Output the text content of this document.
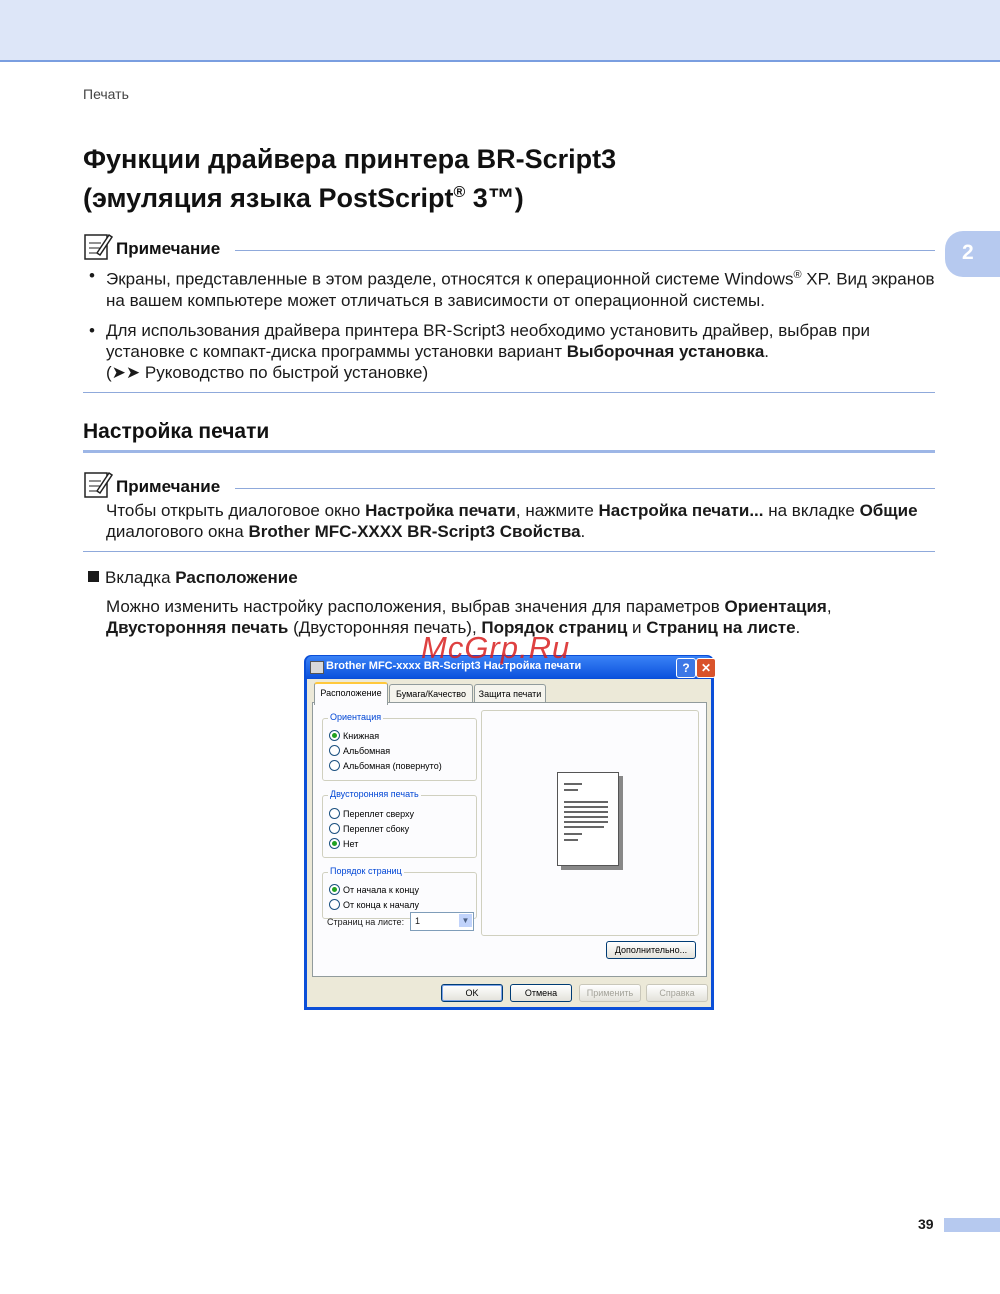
Печать
Функции драйвера принтера BR-Script3
(эмуляция языка PostScript® 3™)
2
Примечание
• Экраны, представленные в этом разделе, относятся к операционной системе Windows® XP. Вид экранов на вашем компьютере может отличаться в зависимости от операционной системы.
• Для использования драйвера принтера BR-Script3 необходимо установить драйвер, выбрав при установке с компакт-диска программы установки вариант Выборочная установка.
(➤➤ Руководство по быстрой установке)
Настройка печати
Примечание
Чтобы открыть диалоговое окно Настройка печати, нажмите Настройка печати... на вкладке Общие диалогового окна Brother MFC-XXXX BR-Script3 Свойства.
Вкладка Расположение
Можно изменить настройку расположения, выбрав значения для параметров Ориентация, Двусторонняя печать (Двусторонняя печать), Порядок страниц и Страниц на листе.
McGrp.Ru
Brother MFC-xxxx BR-Script3 Настройка печати	? ✕
Расположение	Бумага/Качество	Защита печати
Ориентация
Книжная
Альбомная
Альбомная (повернуто)
Двусторонняя печать
Переплет сверху
Переплет сбоку
Нет
Порядок страниц
От начала к концу
От конца к началу
Страниц на листе: 1	▼
Дополнительно...
OK	Отмена	Применить	Справка
39
